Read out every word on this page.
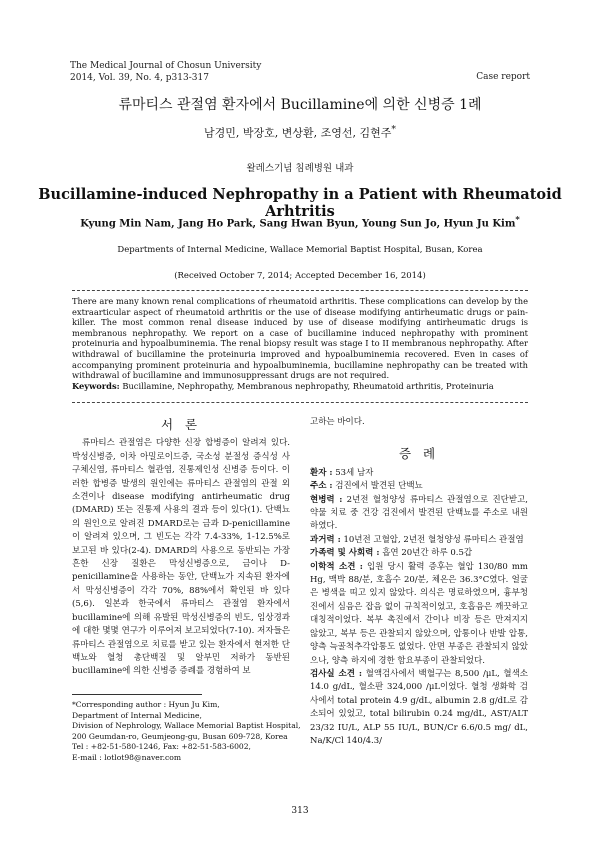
The Medical Journal of Chosun University
2014, Vol. 39, No. 4, p313-317	Case report
류마티스 관절염 환자에서 Bucillamine에 의한 신병증 1례
남경민, 박장호, 변상환, 조영선, 김현주*
왈레스기념 침례병원 내과
Bucillamine-induced Nephropathy in a Patient with Rheumatoid Arhtritis
Kyung Min Nam, Jang Ho Park, Sang Hwan Byun, Young Sun Jo, Hyun Ju Kim*
Departments of Internal Medicine, Wallace Memorial Baptist Hospital, Busan, Korea
(Received October 7, 2014; Accepted December 16, 2014)
There are many known renal complications of rheumatoid arthritis. These complications can develop by the extraarticular aspect of rheumatoid arthritis or the use of disease modifying antirheumatic drugs or pain-killer. The most common renal disease induced by use of disease modifying antirheumatic drugs is membranous nephropathy. We report on a case of bucillamine induced nephropathy with prominent proteinuria and hypoalbuminemia. The renal biopsy result was stage I to II membranous nephropathy. After withdrawal of bucillamine the proteinuria improved and hypoalbuminemia recovered. Even in cases of accompanying prominent proteinuria and hypoalbuminemia, bucillamine nephropathy can be treated with withdrawal of bucillamine and immunosuppressant drugs are not required.
Keywords: Bucillamine, Nephropathy, Membranous nephropathy, Rheumatoid arthritis, Proteinuria
서 론

류마티스 관절염은 다양한 신장 합병증이 알려져 있다. 박성신병증, 이차 아밀로이드증, 국소성 분절성 증식성 사구체신염, 류마티스 혈관염, 진통제인성 신병증 등이다. 이러한 합병증 발생의 원인에는 류마티스 관절염의 관절 외 소견이나 disease modifying antirheumatic drug (DMARD) 또는 진통제 사용의 결과 등이 있다(1). 단백뇨의 원인으로 알려진 DMARD로는 금과 D-penicillamine이 알려져 있으며, 그 빈도는 각각 7.4-33%, 1-12.5%로 보고된 바 있다(2-4). DMARD의 사용으로 동반되는 가장 흔한 신장 질환은 막성신병증으로, 금이나 D-penicillamine을 사용하는 동안, 단백뇨가 지속된 환자에서 막성신병증이 각각 70%, 88%에서 확인된 바 있다(5,6). 일본과 한국에서 류마티스 관절염 환자에서 bucillamine에 의해 유발된 막성신병증의 빈도, 임상경과에 대한 몇몇 연구가 이루어져 보고되었다(7-10). 저자들은 류마티스 관절염으로 치료를 받고 있는 환자에서 현저한 단백뇨와 혈청 총단백질 및 알부민 저하가 동반된 bucillamine에 의한 신병증 증례를 경험하여 보

*Corresponding author : Hyun Ju Kim,
Department of Internal Medicine,
Division of Nephrology, Wallace Memorial Baptist Hospital,
200 Geumdan-ro, Geumjeong-gu, Busan 609-728, Korea
Tel : +82-51-580-1246, Fax: +82-51-583-6002,
E-mail : lotlot98@naver.com

고하는 바이다.

증 례

환자 : 53세 남자

주소 : 검진에서 발견된 단백뇨

현병력 : 2년전 혈청양성 류마티스 관절염으로 진단받고, 약물 치료 중 건강 검진에서 발견된 단백뇨를 주소로 내원하였다.

과거력 : 10년전 고혈압, 2년전 혈청양성 류마티스 관절염

가족력 및 사회력 : 흡연 20년간 하루 0.5갑

이학적 소견 : 입원 당시 활력 증후는 혈압 130/80 mm Hg, 맥박 88/분, 호흡수 20/분, 체온은 36.3°C였다. 얼굴은 병색을 띠고 있지 않았다. 의식은 명료하였으며, 흉부청진에서 심음은 잡음 없이 규칙적이었고, 호흡음은 깨끗하고 대칭적이었다. 복부 촉진에서 간이나 비장 등은 만져지지 않았고, 복부 등은 관찰되지 않았으며, 압통이나 반발 압통, 양측 늑골척추각압통도 없었다. 안면 부종은 관찰되지 않았으나, 양측 하지에 경한 함요부종이 관찰되었다.

검사실 소견 : 혈액검사에서 백혈구는 8,500 /μL, 혈색소 14.0 g/dL, 혈소판 324,000 /μL이었다. 혈청 생화학 검사에서 total protein 4.9 g/dL, albumin 2.8 g/dL로 감소되어 있었고, total bilirubin 0.24 mg/dL, AST/ALT 23/32 IU/L, ALP 55 IU/L, BUN/Cr 6.6/0.5 mg/ dL, Na/K/Cl 140/4.3/

313
